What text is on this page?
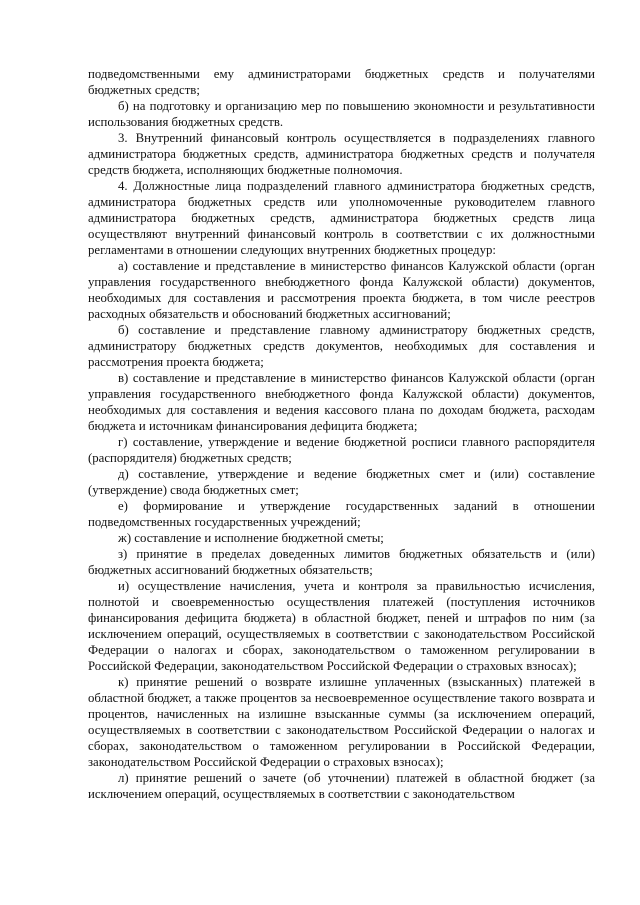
подведомственными ему администраторами бюджетных средств и получателями бюджетных средств;

б) на подготовку и организацию мер по повышению экономности и результативности использования бюджетных средств.

3. Внутренний финансовый контроль осуществляется в подразделениях главного администратора бюджетных средств, администратора бюджетных средств и получателя средств бюджета, исполняющих бюджетные полномочия.

4. Должностные лица подразделений главного администратора бюджетных средств, администратора бюджетных средств или уполномоченные руководителем главного администратора бюджетных средств, администратора бюджетных средств лица осуществляют внутренний финансовый контроль в соответствии с их должностными регламентами в отношении следующих внутренних бюджетных процедур:

а) составление и представление в министерство финансов Калужской области (орган управления государственного внебюджетного фонда Калужской области) документов, необходимых для составления и рассмотрения проекта бюджета, в том числе реестров расходных обязательств и обоснований бюджетных ассигнований;

б) составление и представление главному администратору бюджетных средств, администратору бюджетных средств документов, необходимых для составления и рассмотрения проекта бюджета;

в) составление и представление в министерство финансов Калужской области (орган управления государственного внебюджетного фонда Калужской области) документов, необходимых для составления и ведения кассового плана по доходам бюджета, расходам бюджета и источникам финансирования дефицита бюджета;

г) составление, утверждение и ведение бюджетной росписи главного распорядителя (распорядителя) бюджетных средств;

д) составление, утверждение и ведение бюджетных смет и (или) составление (утверждение) свода бюджетных смет;

е) формирование и утверждение государственных заданий в отношении подведомственных государственных учреждений;

ж) составление и исполнение бюджетной сметы;

з) принятие в пределах доведенных лимитов бюджетных обязательств и (или) бюджетных ассигнований бюджетных обязательств;

и) осуществление начисления, учета и контроля за правильностью исчисления, полнотой и своевременностью осуществления платежей (поступления источников финансирования дефицита бюджета) в областной бюджет, пеней и штрафов по ним (за исключением операций, осуществляемых в соответствии с законодательством Российской Федерации о налогах и сборах, законодательством о таможенном регулировании в Российской Федерации, законодательством Российской Федерации о страховых взносах);

к) принятие решений о возврате излишне уплаченных (взысканных) платежей в областной бюджет, а также процентов за несвоевременное осуществление такого возврата и процентов, начисленных на излишне взысканные суммы (за исключением операций, осуществляемых в соответствии с законодательством Российской Федерации о налогах и сборах, законодательством о таможенном регулировании в Российской Федерации, законодательством Российской Федерации о страховых взносах);

л) принятие решений о зачете (об уточнении) платежей в областной бюджет (за исключением операций, осуществляемых в соответствии с законодательством
